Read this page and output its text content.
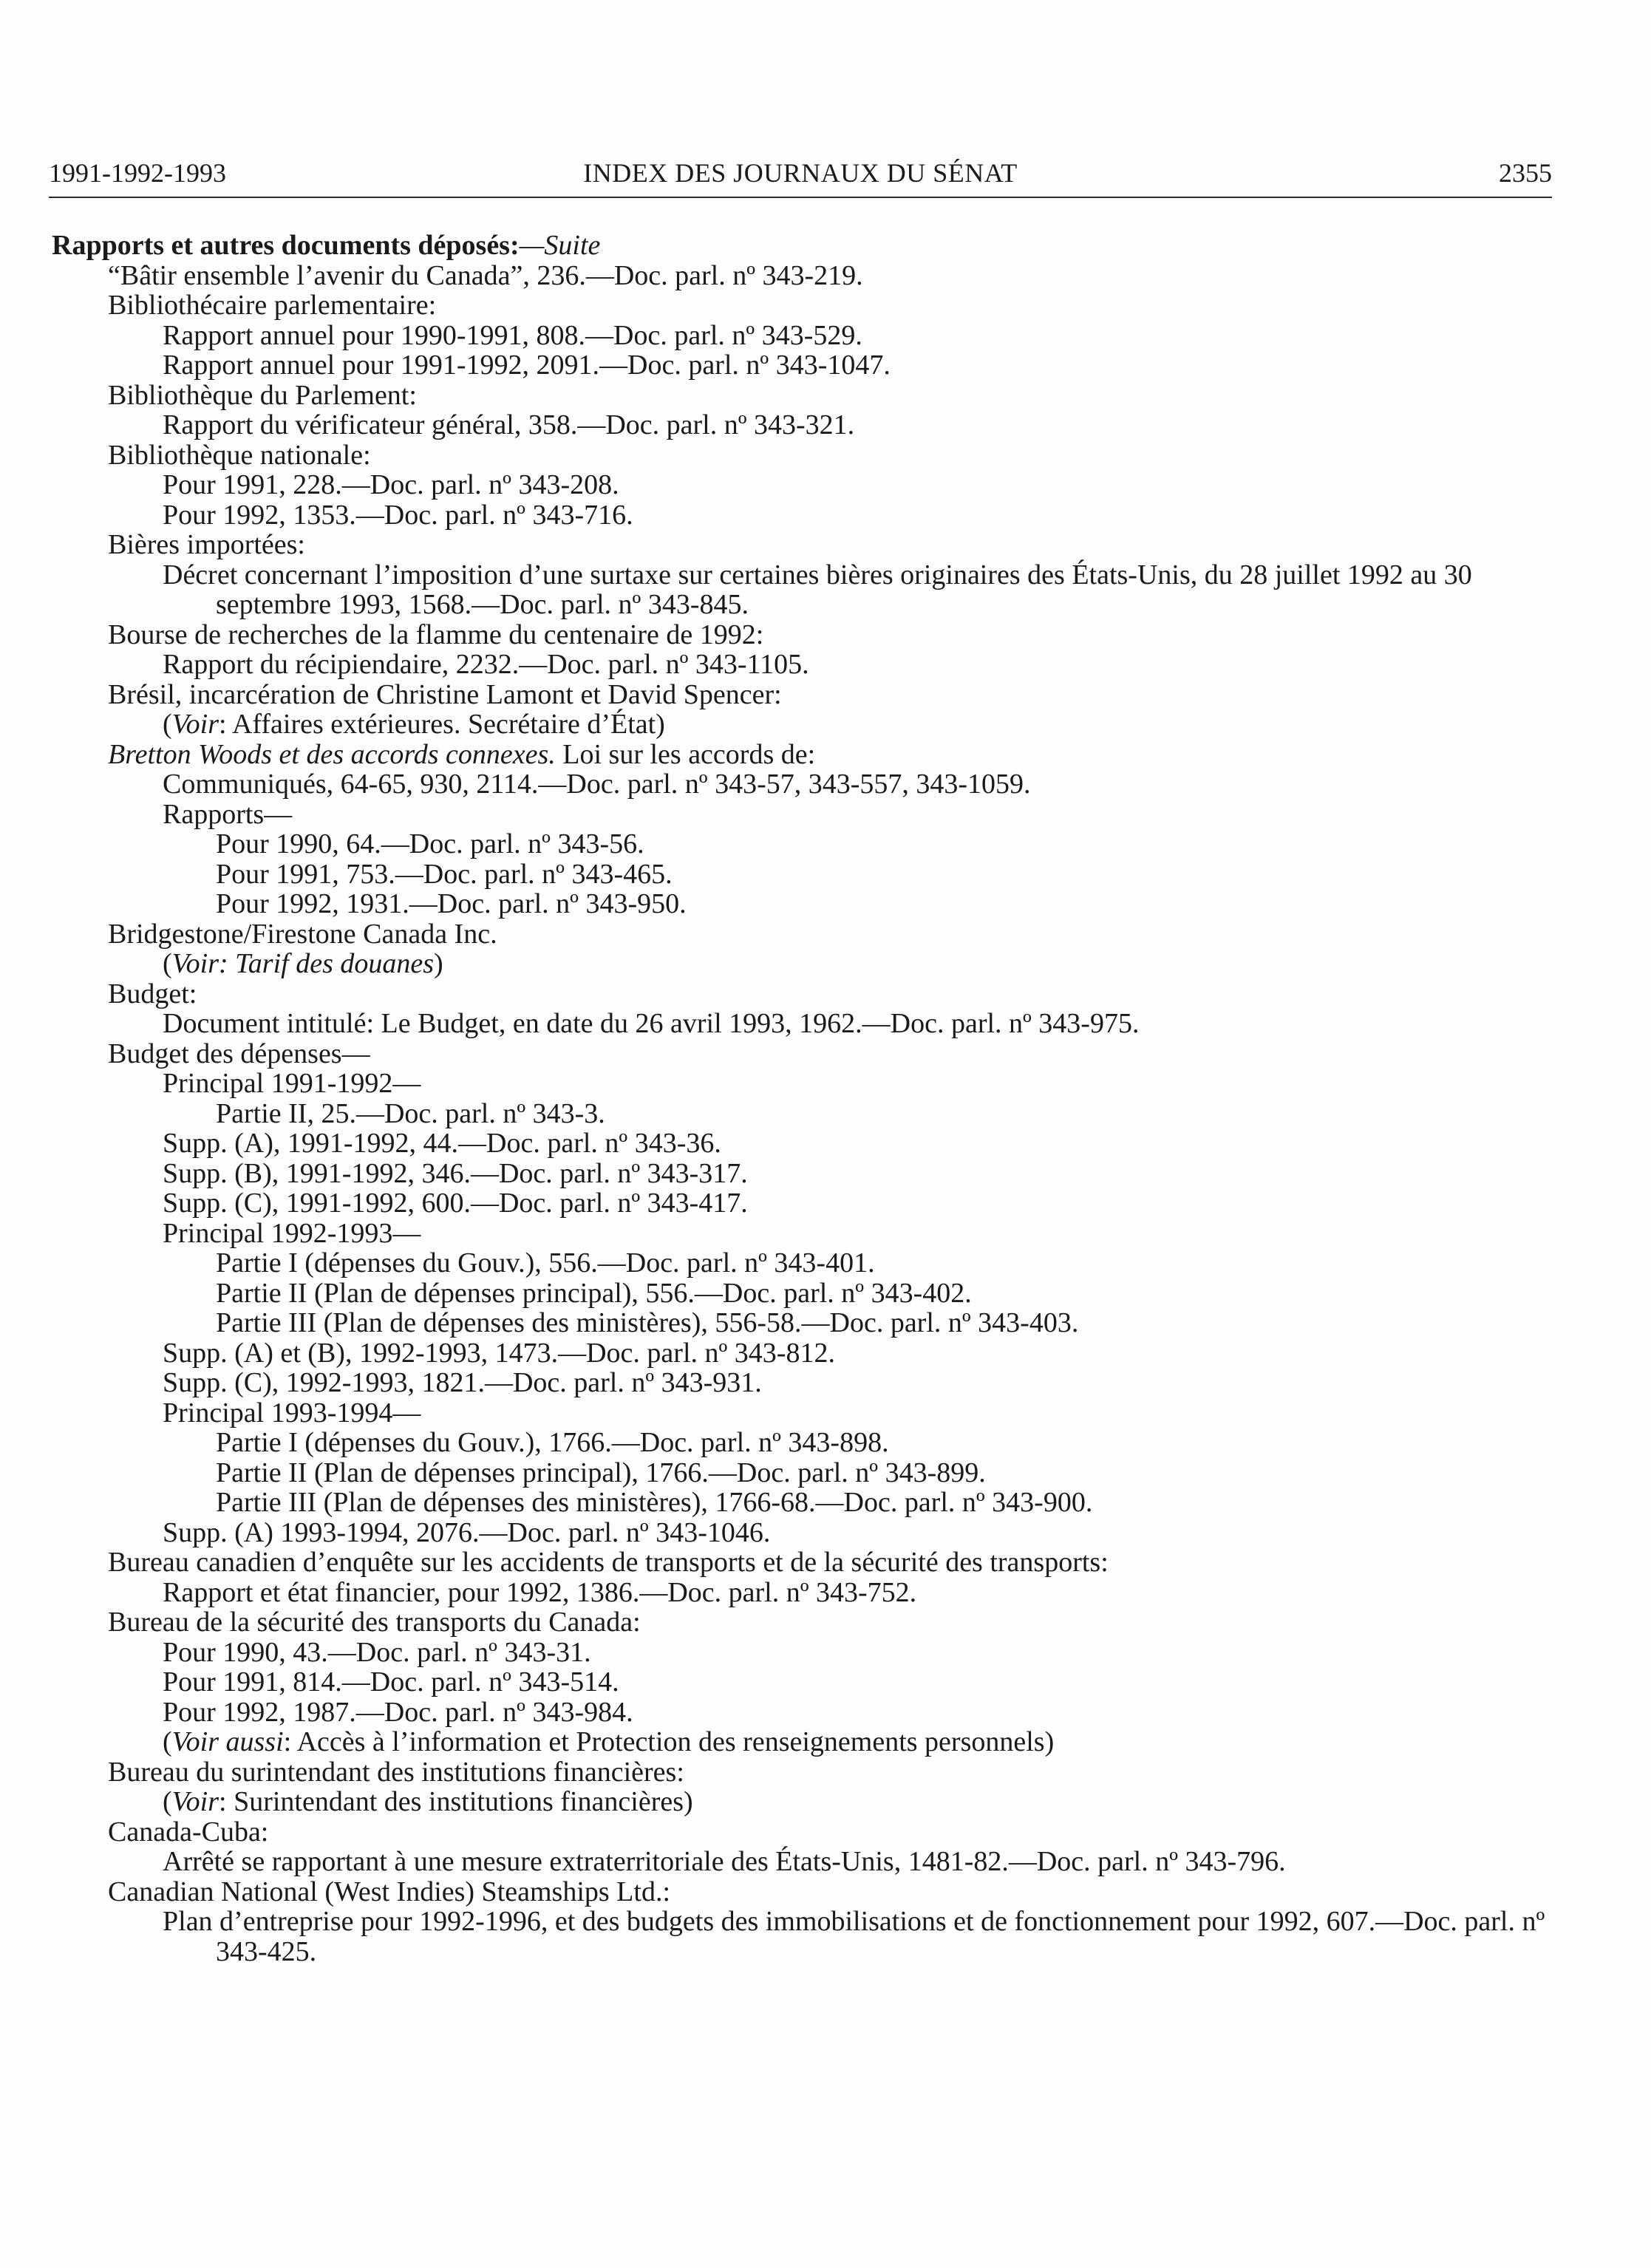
1991-1992-1993	INDEX DES JOURNAUX DU SÉNAT	2355
Rapports et autres documents déposés:—Suite
“Bâtir ensemble l’avenir du Canada”, 236.—Doc. parl. nº 343-219.
Bibliothécaire parlementaire:
Rapport annuel pour 1990-1991, 808.—Doc. parl. nº 343-529.
Rapport annuel pour 1991-1992, 2091.—Doc. parl. nº 343-1047.
Bibliothèque du Parlement:
Rapport du vérificateur général, 358.—Doc. parl. nº 343-321.
Bibliothèque nationale:
Pour 1991, 228.—Doc. parl. nº 343-208.
Pour 1992, 1353.—Doc. parl. nº 343-716.
Bières importées:
Décret concernant l’imposition d’une surtaxe sur certaines bières originaires des États-Unis, du 28 juillet 1992 au 30 septembre 1993, 1568.—Doc. parl. nº 343-845.
Bourse de recherches de la flamme du centenaire de 1992:
Rapport du récipiendaire, 2232.—Doc. parl. nº 343-1105.
Brésil, incarcération de Christine Lamont et David Spencer:
(Voir: Affaires extérieures. Secrétaire d’État)
Bretton Woods et des accords connexes. Loi sur les accords de:
Communiqués, 64-65, 930, 2114.—Doc. parl. nº 343-57, 343-557, 343-1059.
Rapports—
Pour 1990, 64.—Doc. parl. nº 343-56.
Pour 1991, 753.—Doc. parl. nº 343-465.
Pour 1992, 1931.—Doc. parl. nº 343-950.
Bridgestone/Firestone Canada Inc.
(Voir: Tarif des douanes)
Budget:
Document intitulé: Le Budget, en date du 26 avril 1993, 1962.—Doc. parl. nº 343-975.
Budget des dépenses—
Principal 1991-1992—
Partie II, 25.—Doc. parl. nº 343-3.
Supp. (A), 1991-1992, 44.—Doc. parl. nº 343-36.
Supp. (B), 1991-1992, 346.—Doc. parl. nº 343-317.
Supp. (C), 1991-1992, 600.—Doc. parl. nº 343-417.
Principal 1992-1993—
Partie I (dépenses du Gouv.), 556.—Doc. parl. nº 343-401.
Partie II (Plan de dépenses principal), 556.—Doc. parl. nº 343-402.
Partie III (Plan de dépenses des ministères), 556-58.—Doc. parl. nº 343-403.
Supp. (A) et (B), 1992-1993, 1473.—Doc. parl. nº 343-812.
Supp. (C), 1992-1993, 1821.—Doc. parl. nº 343-931.
Principal 1993-1994—
Partie I (dépenses du Gouv.), 1766.—Doc. parl. nº 343-898.
Partie II (Plan de dépenses principal), 1766.—Doc. parl. nº 343-899.
Partie III (Plan de dépenses des ministères), 1766-68.—Doc. parl. nº 343-900.
Supp. (A) 1993-1994, 2076.—Doc. parl. nº 343-1046.
Bureau canadien d’enquête sur les accidents de transports et de la sécurité des transports:
Rapport et état financier, pour 1992, 1386.—Doc. parl. nº 343-752.
Bureau de la sécurité des transports du Canada:
Pour 1990, 43.—Doc. parl. nº 343-31.
Pour 1991, 814.—Doc. parl. nº 343-514.
Pour 1992, 1987.—Doc. parl. nº 343-984.
(Voir aussi: Accès à l’information et Protection des renseignements personnels)
Bureau du surintendant des institutions financières:
(Voir: Surintendant des institutions financières)
Canada-Cuba:
Arrêté se rapportant à une mesure extraterritoriale des États-Unis, 1481-82.—Doc. parl. nº 343-796.
Canadian National (West Indies) Steamships Ltd.:
Plan d’entreprise pour 1992-1996, et des budgets des immobilisations et de fonctionnement pour 1992, 607.—Doc. parl. nº 343-425.
